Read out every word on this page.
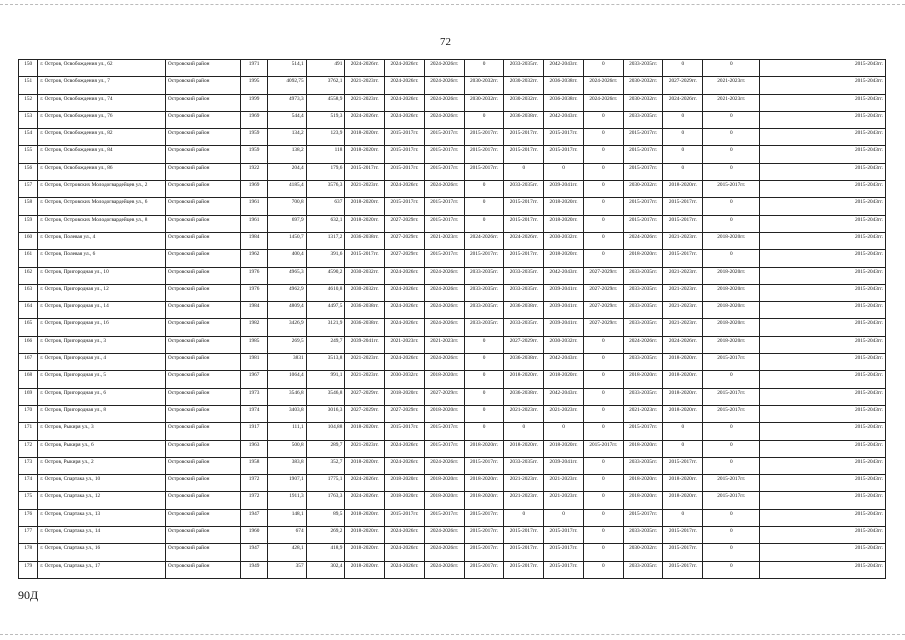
72
150	г. Остров, Освобождения ул., 62	Островский район	1971	514,1	491	2024-2026гг.	2024-2026гг.	2024-2026гг.	0	2033-2035гг.	2042-2043гг.	0	2033-2035гг.	0	0	2015-2043гг.
151	г. Остров, Освобождения ул., 7	Островский район	1995	4092,75	3762,1	2021-2023гг.	2024-2026гг.	2024-2026гг.	2030-2032гг.	2030-2032гг.	2036-2038гг.	2024-2026гг.	2030-2032гг.	2027-2029гг.	2021-2023гг.	2015-2043гг.
152	г. Остров, Освобождения ул., 74	Островский район	1999	4973,3	4558,9	2021-2023гг.	2024-2026гг.	2024-2026гг.	2030-2032гг.	2030-2032гг.	2036-2038гг.	2024-2026гг.	2030-2032гг.	2024-2026гг.	2021-2023гг.	2015-2043гг.
153	г. Остров, Освобождения ул., 76	Островский район	1969	544,4	519,3	2024-2026гг.	2024-2026гг.	2024-2026гг.	0	2036-2038гг.	2042-2043гг.	0	2033-2035гг.	0	0	2015-2043гг.
154	г. Остров, Освобождения ул., 82	Островский район	1959	134,2	123,9	2018-2020гг.	2015-2017гг.	2015-2017гг.	2015-2017гг.	2015-2017гг.	2015-2017гг.	0	2015-2017гг.	0	0	2015-2043гг.
155	г. Остров, Освобождения ул., 84	Островский район	1959	138,2	118	2018-2020гг.	2015-2017гг.	2015-2017гг.	2015-2017гг.	2015-2017гг.	2015-2017гг.	0	2015-2017гг.	0	0	2015-2043гг.
156	г. Остров, Освобождения ул., 86	Островский район	1922	204,4	179,6	2015-2017гг.	2015-2017гг.	2015-2017гг.	2015-2017гг.	0	0	0	2015-2017гг.	0	0	2015-2043гг.
157	г. Остров, Островских Молодогвардейцев ул., 2	Островский район	1969	4185,4	3576,3	2021-2023гг.	2024-2026гг.	2024-2026гг.	0	2033-2035гг.	2039-2041гг.	0	2030-2032гг.	2018-2020гг.	2015-2017гг.	2015-2043гг.
158	г. Остров, Островских Молодогвардейцев ул., 6	Островский район	1961	700,8	637	2018-2020гг.	2015-2017гг.	2015-2017гг.	0	2015-2017гг.	2018-2020гг.	0	2015-2017гг.	2015-2017гг.	0	2015-2043гг.
159	г. Остров, Островских Молодогвардейцев ул., 8	Островский район	1961	697,9	632,1	2018-2020гг.	2027-2029гг.	2015-2017гг.	0	2015-2017гг.	2018-2020гг.	0	2015-2017гг.	2015-2017гг.	0	2015-2043гг.
160	г. Остров, Полевая ул., 4	Островский район	1984	1450,7	1317,2	2036-2038гг.	2027-2029гг.	2021-2023гг.	2024-2026гг.	2024-2026гг.	2030-2032гг.	0	2024-2026гг.	2021-2023гг.	2018-2020гг.	2015-2043гг.
161	г. Остров, Полевая ул., 6	Островский район	1962	400,4	391,6	2015-2017гг.	2027-2029гг.	2015-2017гг.	2015-2017гг.	2015-2017гг.	2018-2020гг.	0	2018-2020гг.	2015-2017гг.	0	2015-2043гг.
162	г. Остров, Пригородная ул., 10	Островский район	1976	4965,3	4590,2	2030-2032гг.	2024-2026гг.	2024-2026гг.	2033-2035гг.	2033-2035гг.	2042-2043гг.	2027-2029гг.	2033-2035гг.	2021-2023гг.	2018-2020гг.	2015-2043гг.
163	г. Остров, Пригородная ул., 12	Островский район	1976	4962,9	4610,8	2030-2032гг.	2024-2026гг.	2024-2026гг.	2033-2035гг.	2033-2035гг.	2039-2041гг.	2027-2029гг.	2033-2035гг.	2021-2023гг.	2018-2020гг.	2015-2043гг.
164	г. Остров, Пригородная ул., 14	Островский район	1984	4809,4	4497,5	2036-2038гг.	2024-2026гг.	2024-2026гг.	2033-2035гг.	2036-2038гг.	2039-2041гг.	2027-2029гг.	2033-2035гг.	2021-2023гг.	2018-2020гг.	2015-2043гг.
165	г. Остров, Пригородная ул., 16	Островский район	1982	3426,9	3121,9	2036-2038гг.	2024-2026гг.	2024-2026гг.	2033-2035гг.	2033-2035гг.	2039-2041гг.	2027-2029гг.	2033-2035гг.	2021-2023гг.	2018-2020гг.	2015-2043гг.
166	г. Остров, Пригородная ул., 3	Островский район	1985	269,5	249,7	2039-2041гг.	2021-2023гг.	2021-2023гг.	0	2027-2029гг.	2030-2032гг.	0	2024-2026гг.	2024-2026гг.	2018-2020гг.	2015-2043гг.
167	г. Остров, Пригородная ул., 4	Островский район	1981	3831	3513,8	2021-2023гг.	2024-2026гг.	2024-2026гг.	0	2036-2038гг.	2042-2043гг.	0	2033-2035гг.	2018-2020гг.	2015-2017гг.	2015-2043гг.
168	г. Остров, Пригородная ул., 5	Островский район	1967	1064,4	991,1	2021-2023гг.	2030-2032гг.	2018-2020гг.	0	2018-2020гг.	2018-2020гг.	0	2018-2020гг.	2018-2020гг.	0	2015-2043гг.
169	г. Остров, Пригородная ул., 6	Островский район	1973	3546,8	3546,8	2027-2029гг.	2018-2020гг.	2027-2029гг.	0	2036-2038гг.	2042-2043гг.	0	2033-2035гг.	2018-2020гг.	2015-2017гг.	2015-2043гг.
170	г. Остров, Пригородная ул., 8	Островский район	1974	3403,8	3016,3	2027-2029гг.	2027-2029гг.	2018-2020гг.	0	2021-2023гг.	2021-2023гг.	0	2021-2023гг.	2018-2020гг.	2015-2017гг.	2015-2043гг.
171	г. Остров, Рыкиря ул., 3	Островский район	1917	111,1	104,88	2018-2020гг.	2015-2017гг.	2015-2017гг.	0	0	0	0	2015-2017гг.	0	0	2015-2043гг.
172	г. Остров, Рыкиря ул., 6	Островский район	1963	500,8	289,7	2021-2023гг.	2024-2026гг.	2015-2017гг.	2018-2020гг.	2018-2020гг.	2018-2020гг.	2015-2017гг.	2018-2020гг.	0	0	2015-2043гг.
173	г. Остров, Рыкиря ул., 2	Островский район	1958	383,8	352,7	2018-2020гг.	2024-2026гг.	2024-2026гг.	2015-2017гг.	2033-2035гг.	2039-2041гг.	0	2033-2035гг.	2015-2017гг.	0	2015-2043гг.
174	г. Остров, Спартака ул., 10	Островский район	1972	1907,1	1775,1	2024-2026гг.	2018-2020гг.	2018-2020гг.	2018-2020гг.	2021-2023гг.	2021-2023гг.	0	2018-2020гг.	2018-2020гг.	2015-2017гг.	2015-2043гг.
175	г. Остров, Спартака ул., 12	Островский район	1972	1911,3	1763,3	2024-2026гг.	2018-2020гг.	2018-2020гг.	2018-2020гг.	2021-2023гг.	2021-2023гг.	0	2018-2020гг.	2018-2020гг.	2015-2017гг.	2015-2043гг.
176	г. Остров, Спартака ул., 13	Островский район	1947	148,1	89,5	2018-2020гг.	2015-2017гг.	2015-2017гг.	2015-2017гг.	0	0	0	2015-2017гг.	0	0	2015-2043гг.
177	г. Остров, Спартака ул., 14	Островский район	1960	674	269,2	2018-2020гг.	2024-2026гг.	2024-2026гг.	2015-2017гг.	2015-2017гг.	2015-2017гг.	0	2033-2035гг.	2015-2017гг.	0	2015-2043гг.
178	г. Остров, Спартака ул., 16	Островский район	1947	428,1	418,9	2018-2020гг.	2024-2026гг.	2024-2026гг.	2015-2017гг.	2015-2017гг.	2015-2017гг.	0	2030-2032гг.	2015-2017гг.	0	2015-2043гг.
179	г. Остров, Спартака ул., 17	Островский район	1949	357	302,4	2018-2020гг.	2024-2026гг.	2024-2026гг.	2015-2017гг.	2015-2017гг.	2015-2017гг.	0	2033-2035гг.	2015-2017гг.	0	2015-2043гг.
90Д
